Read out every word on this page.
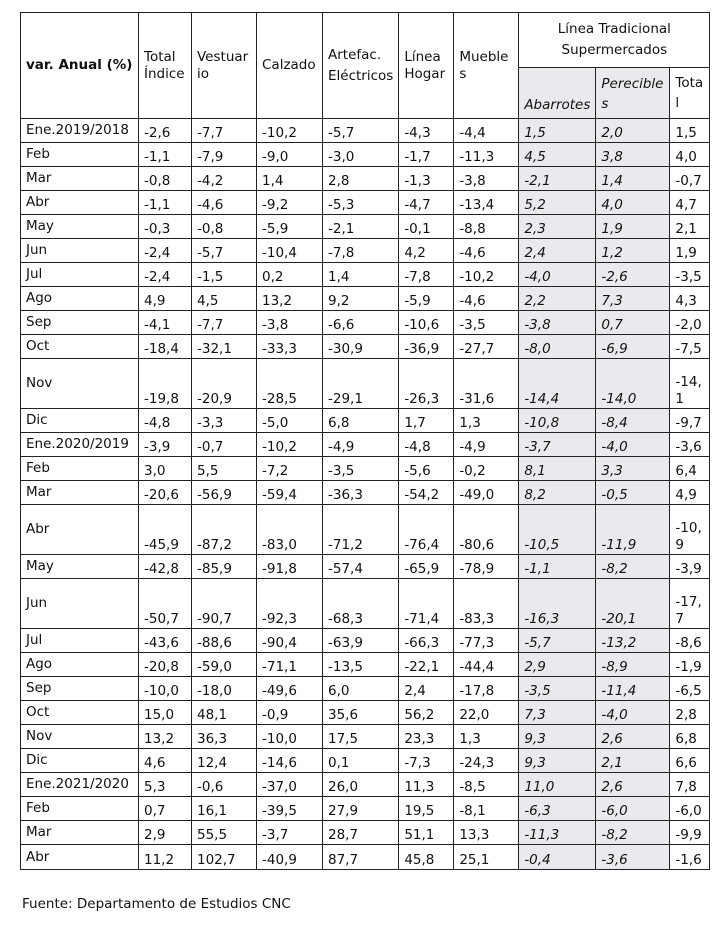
var. Anual (%)	Total Índice	Vestuario	Calzado	Artefac. Eléctricos	Línea Hogar	Muebles	Línea Tradicional Supermercados		
							Abarrotes	Perecibles	Total
Ene.2019/2018	-2,6	-7,7	-10,2	-5,7	-4,3	-4,4	1,5	2,0	1,5
Feb	-1,1	-7,9	-9,0	-3,0	-1,7	-11,3	4,5	3,8	4,0
Mar	-0,8	-4,2	1,4	2,8	-1,3	-3,8	-2,1	1,4	-0,7
Abr	-1,1	-4,6	-9,2	-5,3	-4,7	-13,4	5,2	4,0	4,7
May	-0,3	-0,8	-5,9	-2,1	-0,1	-8,8	2,3	1,9	2,1
Jun	-2,4	-5,7	-10,4	-7,8	4,2	-4,6	2,4	1,2	1,9
Jul	-2,4	-1,5	0,2	1,4	-7,8	-10,2	-4,0	-2,6	-3,5
Ago	4,9	4,5	13,2	9,2	-5,9	-4,6	2,2	7,3	4,3
Sep	-4,1	-7,7	-3,8	-6,6	-10,6	-3,5	-3,8	0,7	-2,0
Oct	-18,4	-32,1	-33,3	-30,9	-36,9	-27,7	-8,0	-6,9	-7,5
Nov	-19,8	-20,9	-28,5	-29,1	-26,3	-31,6	-14,4	-14,0	-14,1
Dic	-4,8	-3,3	-5,0	6,8	1,7	1,3	-10,8	-8,4	-9,7
Ene.2020/2019	-3,9	-0,7	-10,2	-4,9	-4,8	-4,9	-3,7	-4,0	-3,6
Feb	3,0	5,5	-7,2	-3,5	-5,6	-0,2	8,1	3,3	6,4
Mar	-20,6	-56,9	-59,4	-36,3	-54,2	-49,0	8,2	-0,5	4,9
Abr	-45,9	-87,2	-83,0	-71,2	-76,4	-80,6	-10,5	-11,9	-10,9
May	-42,8	-85,9	-91,8	-57,4	-65,9	-78,9	-1,1	-8,2	-3,9
Jun	-50,7	-90,7	-92,3	-68,3	-71,4	-83,3	-16,3	-20,1	-17,7
Jul	-43,6	-88,6	-90,4	-63,9	-66,3	-77,3	-5,7	-13,2	-8,6
Ago	-20,8	-59,0	-71,1	-13,5	-22,1	-44,4	2,9	-8,9	-1,9
Sep	-10,0	-18,0	-49,6	6,0	2,4	-17,8	-3,5	-11,4	-6,5
Oct	15,0	48,1	-0,9	35,6	56,2	22,0	7,3	-4,0	2,8
Nov	13,2	36,3	-10,0	17,5	23,3	1,3	9,3	2,6	6,8
Dic	4,6	12,4	-14,6	0,1	-7,3	-24,3	9,3	2,1	6,6
Ene.2021/2020	5,3	-0,6	-37,0	26,0	11,3	-8,5	11,0	2,6	7,8
Feb	0,7	16,1	-39,5	27,9	19,5	-8,1	-6,3	-6,0	-6,0
Mar	2,9	55,5	-3,7	28,7	51,1	13,3	-11,3	-8,2	-9,9
Abr	11,2	102,7	-40,9	87,7	45,8	25,1	-0,4	-3,6	-1,6
Fuente: Departamento de Estudios CNC
